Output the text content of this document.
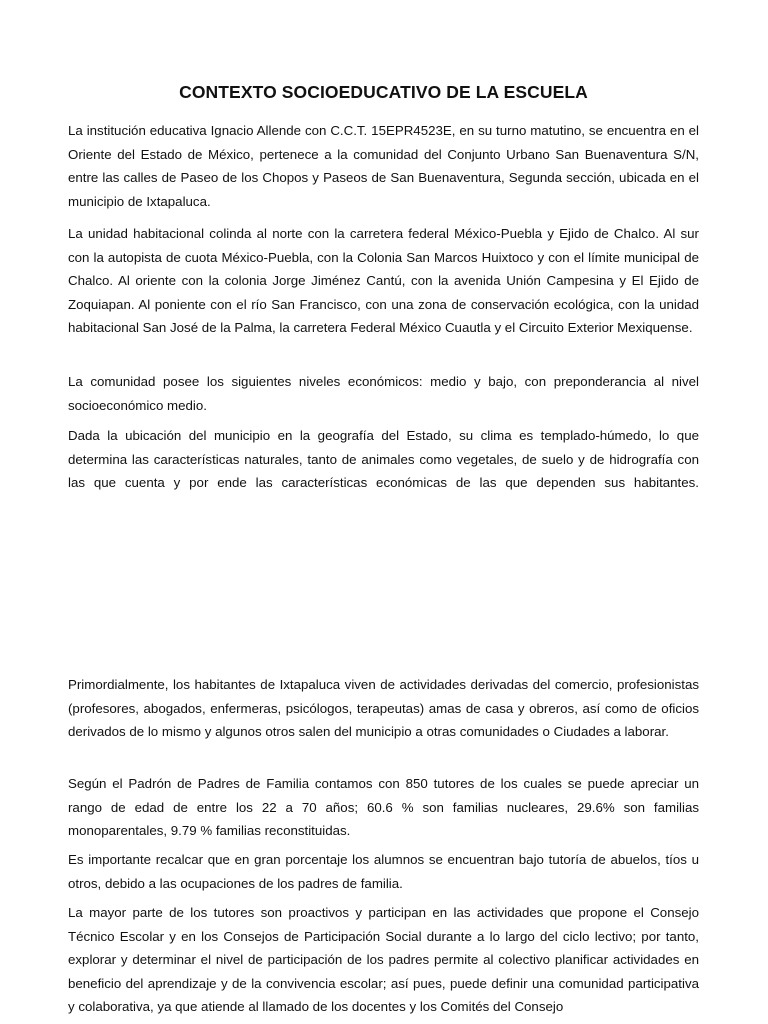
CONTEXTO SOCIOEDUCATIVO DE LA ESCUELA

La institución educativa Ignacio Allende con C.C.T. 15EPR4523E, en su turno matutino, se encuentra en el Oriente del Estado de México, pertenece a la comunidad del Conjunto Urbano San Buenaventura S/N, entre las calles de Paseo de los Chopos y Paseos de San Buenaventura, Segunda sección, ubicada en el municipio de Ixtapaluca.

La unidad habitacional colinda al norte con la carretera federal México-Puebla y Ejido de Chalco. Al sur con la autopista de cuota México-Puebla, con la Colonia San Marcos Huixtoco y con el límite municipal de Chalco. Al oriente con la colonia Jorge Jiménez Cantú, con la avenida Unión Campesina y El Ejido de Zoquiapan. Al poniente con el río San Francisco, con una zona de conservación ecológica, con la unidad habitacional San José de la Palma, la carretera Federal México Cuautla y el Circuito Exterior Mexiquense.

La comunidad posee los siguientes niveles económicos: medio y bajo, con preponderancia al nivel socioeconómico medio.

Dada la ubicación del municipio en la geografía del Estado, su clima es templado-húmedo, lo que determina las características naturales, tanto de animales como vegetales, de suelo y de hidrografía con las que cuenta y por ende las características económicas de las que dependen sus habitantes.

Primordialmente, los habitantes de Ixtapaluca viven de actividades derivadas del comercio, profesionistas (profesores, abogados, enfermeras, psicólogos, terapeutas) amas de casa y obreros, así como de oficios derivados de lo mismo y algunos otros salen del municipio a otras comunidades o Ciudades a laborar.

Según el Padrón de Padres de Familia contamos con 850 tutores de los cuales se puede apreciar un rango de edad de entre los 22 a 70 años; 60.6 % son familias nucleares, 29.6% son familias monoparentales, 9.79 % familias reconstituidas.

Es importante recalcar que en gran porcentaje los alumnos se encuentran bajo tutoría de abuelos, tíos u otros, debido a las ocupaciones de los padres de familia.

La mayor parte de los tutores son proactivos y participan en las actividades que propone el Consejo Técnico Escolar y en los Consejos de Participación Social durante a lo largo del ciclo lectivo; por tanto, explorar y determinar el nivel de participación de los padres permite al colectivo planificar actividades en beneficio del aprendizaje y de la convivencia escolar; así pues, puede definir una comunidad participativa y colaborativa, ya que atiende al llamado de los docentes y los Comités del Consejo
